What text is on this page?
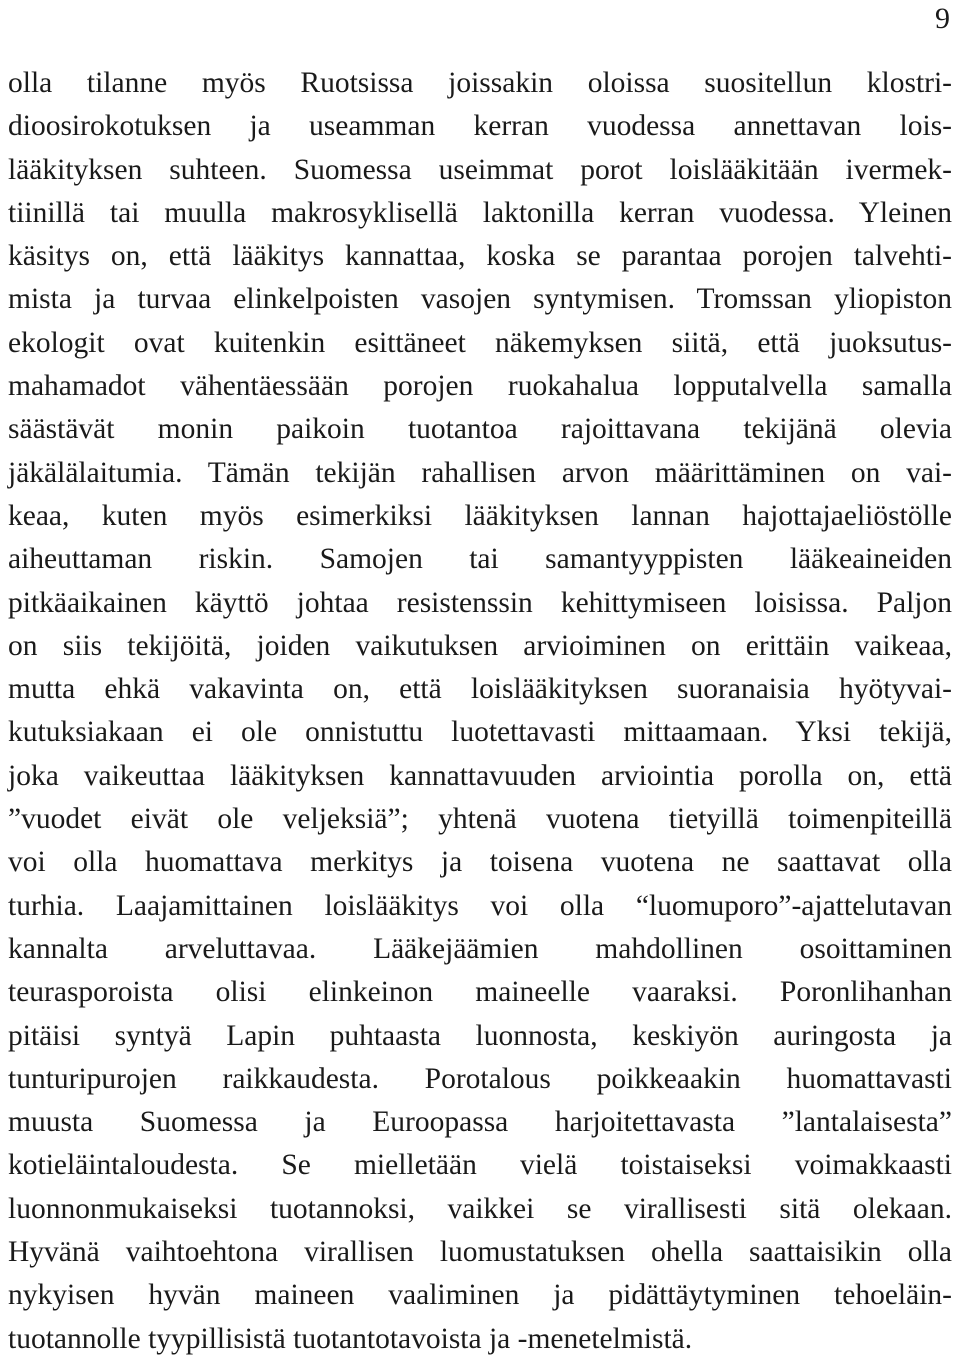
9
olla tilanne myös Ruotsissa joissakin oloissa suositellun klostri-
dioosirokotuksen ja useamman kerran vuodessa annettavan lois-
lääkityksen suhteen. Suomessa useimmat porot loislääkitään ivermek-
tiinillä tai muulla makrosyklisellä laktonilla kerran vuodessa. Yleinen
käsitys on, että lääkitys kannattaa, koska se parantaa porojen talvehti-
mista ja turvaa elinkelpoisten vasojen syntymisen. Tromssan yliopiston
ekologit ovat kuitenkin esittäneet näkemyksen siitä, että juoksutus-
mahamadot vähentäessään porojen ruokahalua lopputalvella samalla
säästävät monin paikoin tuotantoa rajoittavana tekijänä olevia
jäkälälaitumia. Tämän tekijän rahallisen arvon määrittäminen on vai-
keaa, kuten myös esimerkiksi lääkityksen lannan hajottajaeliöstölle
aiheuttaman riskin. Samojen tai samantyyppisten lääkeaineiden
pitkäaikainen käyttö johtaa resistenssin kehittymiseen loisissa. Paljon
on siis tekijöitä, joiden vaikutuksen arvioiminen on erittäin vaikeaa,
mutta ehkä vakavinta on, että loislääkityksen suoranaisia hyötyvai-
kutuksiakaan ei ole onnistuttu luotettavasti mittaamaan. Yksi tekijä,
joka vaikeuttaa lääkityksen kannattavuuden arviointia porolla on, että
”vuodet eivät ole veljeksiä”; yhtenä vuotena tietyillä toimenpiteillä
voi olla huomattava merkitys ja toisena vuotena ne saattavat olla
turhia. Laajamittainen loislääkitys voi olla “luomuporo”-ajattelutavan
kannalta arveluttavaa. Lääkejäämien mahdollinen osoittaminen
teurasporoista olisi elinkeinon maineelle vaaraksi. Poronlihanhan
pitäisi syntyä Lapin puhtaasta luonnosta, keskiyön auringosta ja
tunturipurojen raikkaudesta. Porotalous poikkeaakin huomattavasti
muusta Suomessa ja Euroopassa harjoitettavasta ”lantalaisesta”
kotieläintaloudesta. Se mielletään vielä toistaiseksi voimakkaasti
luonnonmukaiseksi tuotannoksi, vaikkei se virallisesti sitä olekaan.
Hyvänä vaihtoehtona virallisen luomustatuksen ohella saattaisikin olla
nykyisen hyvän maineen vaaliminen ja pidättäytyminen tehoeläin-
tuotannolle tyypillisistä tuotantotavoista ja -menetelmistä.
